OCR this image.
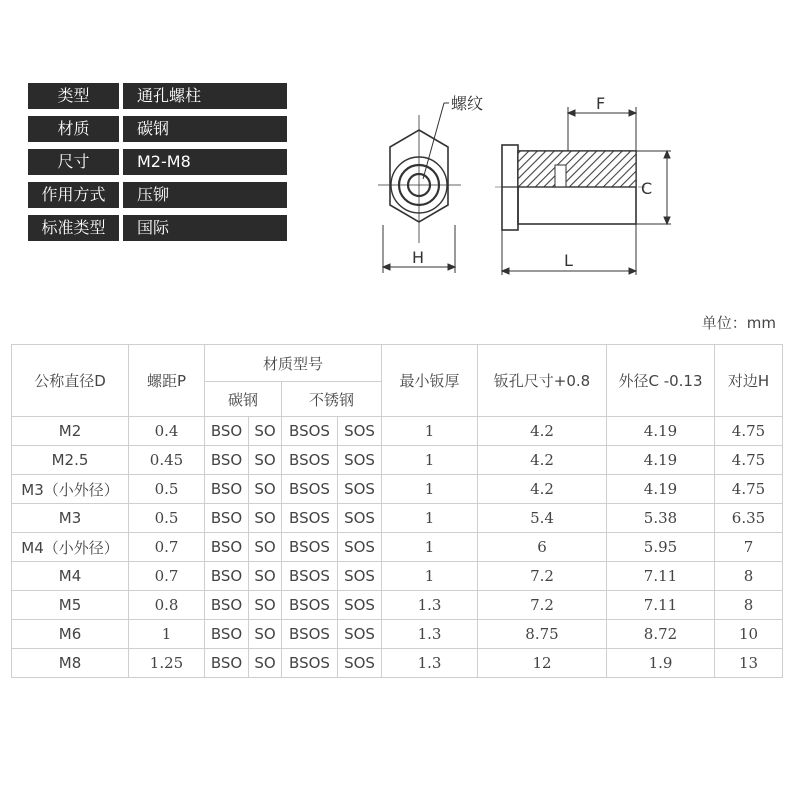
类型	通孔螺柱
材质	碳钢
尺寸	M2-M8
作用方式	压铆
标准类型	国际
螺纹
H
F
C
L
单位：mm
公称直径D	螺距P	材质型号				最小钣厚	钣孔尺寸+0.8	外径C -0.13	对边H
		碳钢		不锈钢					
M2	0.4	BSO	SO	BSOS	SOS	1	4.2	4.19	4.75
M2.5	0.45	BSO	SO	BSOS	SOS	1	4.2	4.19	4.75
M3（小外径）	0.5	BSO	SO	BSOS	SOS	1	4.2	4.19	4.75
M3	0.5	BSO	SO	BSOS	SOS	1	5.4	5.38	6.35
M4（小外径）	0.7	BSO	SO	BSOS	SOS	1	6	5.95	7
M4	0.7	BSO	SO	BSOS	SOS	1	7.2	7.11	8
M5	0.8	BSO	SO	BSOS	SOS	1.3	7.2	7.11	8
M6	1	BSO	SO	BSOS	SOS	1.3	8.75	8.72	10
M8	1.25	BSO	SO	BSOS	SOS	1.3	12	1.9	13
